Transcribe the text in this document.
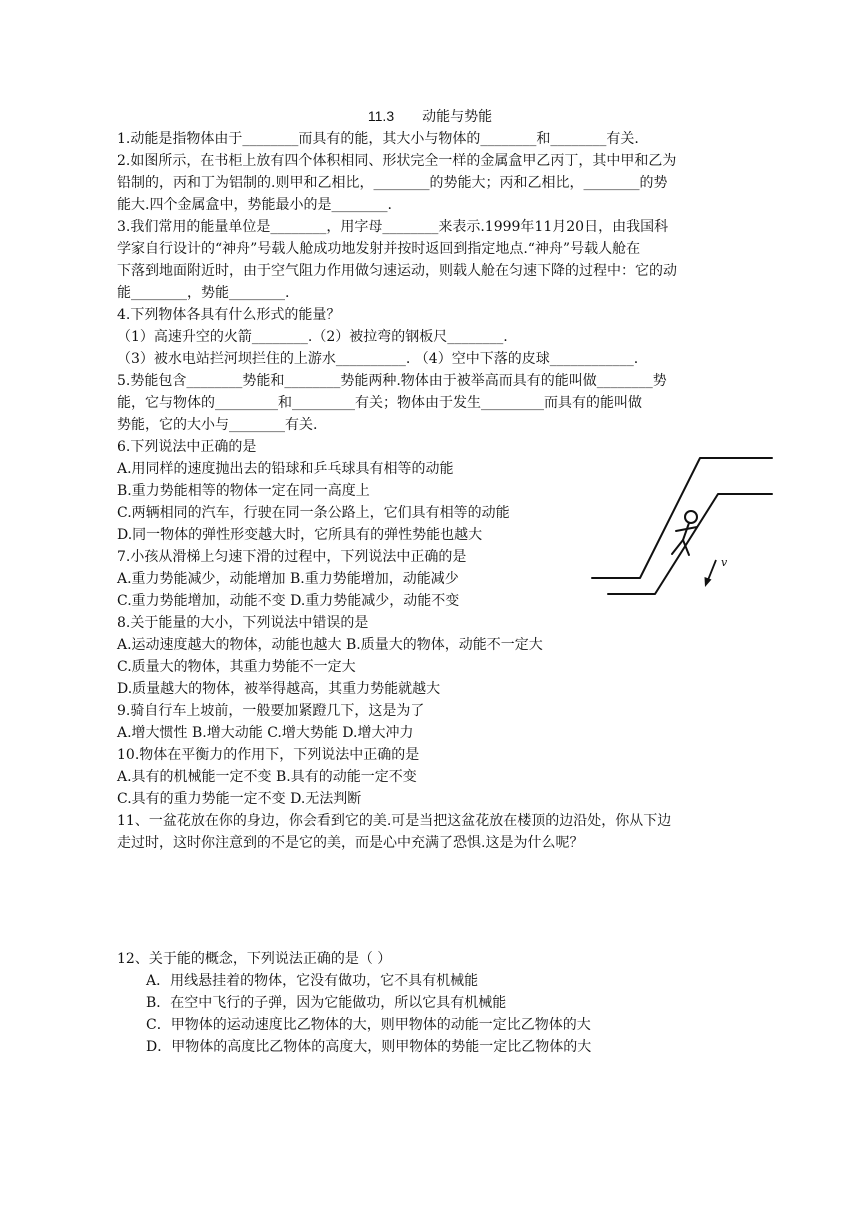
11.3 动能与势能
1.动能是指物体由于________而具有的能，其大小与物体的________和________有关.
2.如图所示，在书柜上放有四个体积相同、形状完全一样的金属盒甲乙丙丁，其中甲和乙为
铅制的，丙和丁为铝制的.则甲和乙相比，________的势能大；丙和乙相比，________的势
能大.四个金属盒中，势能最小的是________.
3.我们常用的能量单位是________，用字母________来表示.1999年11月20日，由我国科
学家自行设计的“神舟”号载人舱成功地发射并按时返回到指定地点.“神舟”号载人舱在
下落到地面附近时，由于空气阻力作用做匀速运动，则载人舱在匀速下降的过程中：它的动
能________，势能________.
4.下列物体各具有什么形式的能量？
（1）高速升空的火箭________.（2）被拉弯的钢板尺________.
（3）被水电站拦河坝拦住的上游水__________. （4）空中下落的皮球____________.
5.势能包含________势能和________势能两种.物体由于被举高而具有的能叫做________势
能，它与物体的_________和_________有关；物体由于发生_________而具有的能叫做
势能，它的大小与________有关.
6.下列说法中正确的是
A.用同样的速度抛出去的铅球和乒乓球具有相等的动能
B.重力势能相等的物体一定在同一高度上
C.两辆相同的汽车，行驶在同一条公路上，它们具有相等的动能
D.同一物体的弹性形变越大时，它所具有的弹性势能也越大
7.小孩从滑梯上匀速下滑的过程中，下列说法中正确的是
A.重力势能减少，动能增加 B.重力势能增加，动能减少
C.重力势能增加，动能不变 D.重力势能减少，动能不变
8.关于能量的大小，下列说法中错误的是
A.运动速度越大的物体，动能也越大 B.质量大的物体，动能不一定大
C.质量大的物体，其重力势能不一定大
D.质量越大的物体，被举得越高，其重力势能就越大
9.骑自行车上坡前，一般要加紧蹬几下，这是为了
A.增大惯性 B.增大动能 C.增大势能 D.增大冲力
10.物体在平衡力的作用下，下列说法中正确的是
A.具有的机械能一定不变 B.具有的动能一定不变
C.具有的重力势能一定不变 D.无法判断
11、一盆花放在你的身边，你会看到它的美.可是当把这盆花放在楼顶的边沿处，你从下边
走过时，这时你注意到的不是它的美，而是心中充满了恐惧.这是为什么呢？
12、关于能的概念，下列说法正确的是（ ）
A．用线悬挂着的物体，它没有做功，它不具有机械能
B．在空中飞行的子弹，因为它能做功，所以它具有机械能
C．甲物体的运动速度比乙物体的大，则甲物体的动能一定比乙物体的大
D．甲物体的高度比乙物体的高度大，则甲物体的势能一定比乙物体的大
v
